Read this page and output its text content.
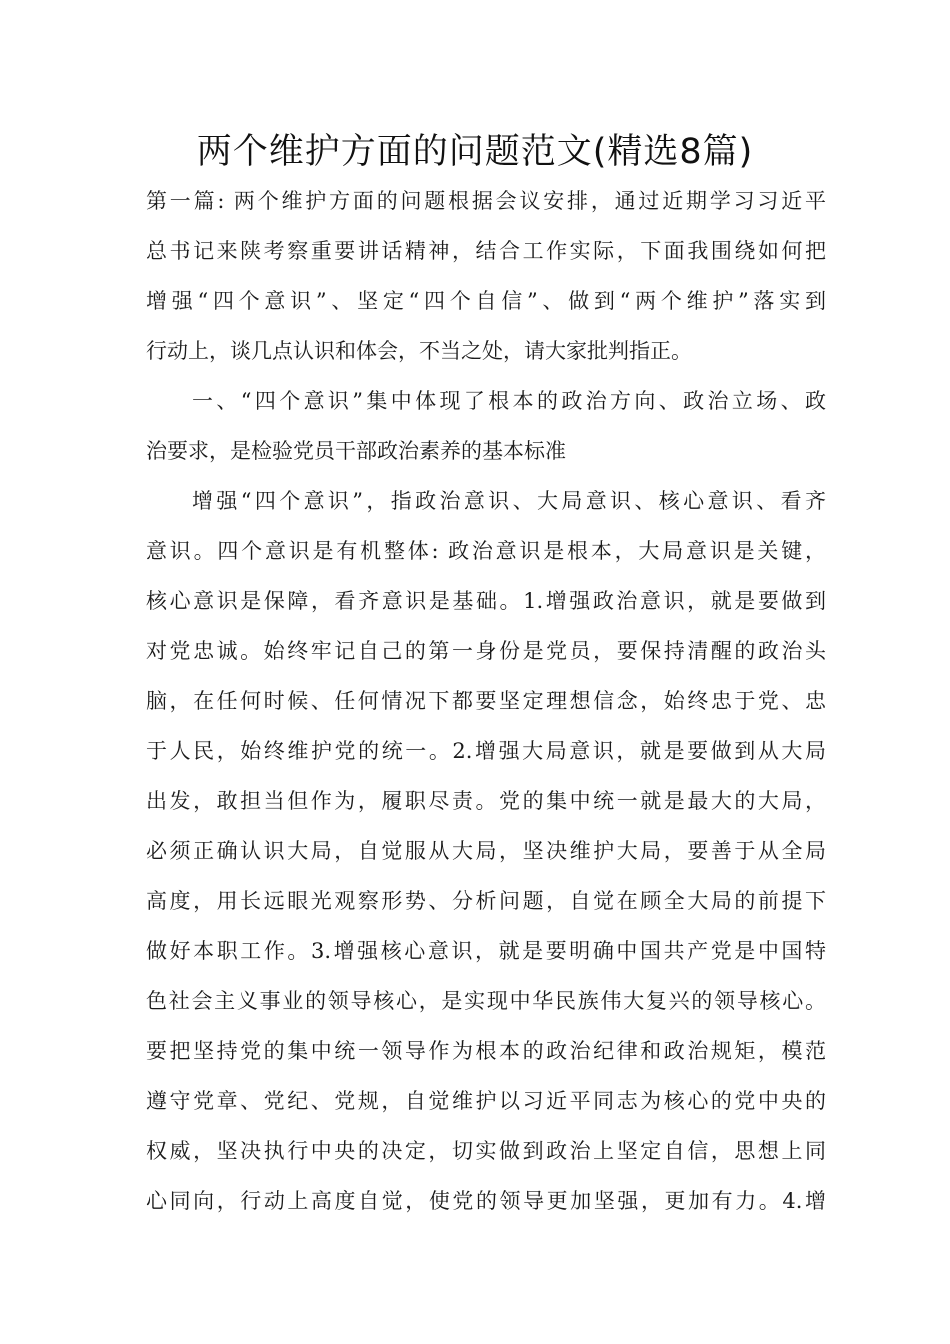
两个维护方面的问题范文(精选8篇)
第一篇: 两个维护方面的问题根据会议安排，通过近期学习习近平
总书记来陕考察重要讲话精神，结合工作实际，下面我围绕如何把
增强“四个意识”、坚定“四个自信”、做到“两个维护”落实到
行动上，谈几点认识和体会，不当之处，请大家批判指正。
一、“四个意识”集中体现了根本的政治方向、政治立场、政
治要求，是检验党员干部政治素养的基本标准
增强“四个意识”，指政治意识、大局意识、核心意识、看齐
意识。四个意识是有机整体: 政治意识是根本，大局意识是关键，
核心意识是保障，看齐意识是基础。1.增强政治意识，就是要做到
对党忠诚。始终牢记自己的第一身份是党员，要保持清醒的政治头
脑，在任何时候、任何情况下都要坚定理想信念，始终忠于党、忠
于人民，始终维护党的统一。2.增强大局意识，就是要做到从大局
出发，敢担当但作为，履职尽责。党的集中统一就是最大的大局，
必须正确认识大局，自觉服从大局，坚决维护大局，要善于从全局
高度，用长远眼光观察形势、分析问题，自觉在顾全大局的前提下
做好本职工作。3.增强核心意识，就是要明确中国共产党是中国特
色社会主义事业的领导核心，是实现中华民族伟大复兴的领导核心。
要把坚持党的集中统一领导作为根本的政治纪律和政治规矩，模范
遵守党章、党纪、党规，自觉维护以习近平同志为核心的党中央的
权威，坚决执行中央的决定，切实做到政治上坚定自信，思想上同
心同向，行动上高度自觉，使党的领导更加坚强，更加有力。4.增
